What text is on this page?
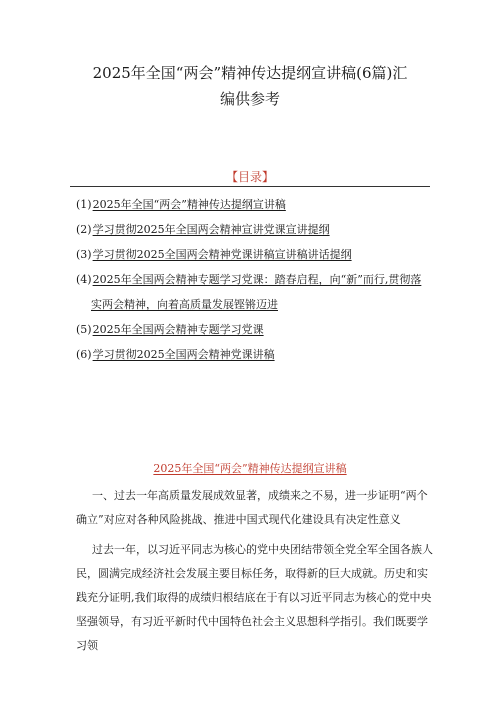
2025年全国“两会”精神传达提纲宣讲稿(6篇)汇
编供参考
【目录】
(1)2025年全国“两会”精神传达提纲宣讲稿
(2)学习贯彻2025年全国两会精神宣讲党课宣讲提纲
(3)学习贯彻2025全国两会精神党课讲稿宣讲稿讲话提纲
(4)2025年全国两会精神专题学习党课：踏春启程，向“新”而行,贯彻落
实两会精神，向着高质量发展铿锵迈进
(5)2025年全国两会精神专题学习党课
(6)学习贯彻2025全国两会精神党课讲稿
2025年全国“两会”精神传达提纲宣讲稿

一、过去一年高质量发展成效显著，成绩来之不易，进一步证明“两个确立”对应对各种风险挑战、推进中国式现代化建设具有决定性意义

过去一年，以习近平同志为核心的党中央团结带领全党全军全国各族人民，圆满完成经济社会发展主要目标任务，取得新的巨大成就。历史和实践充分证明,我们取得的成绩归根结底在于有以习近平同志为核心的党中央坚强领导，有习近平新时代中国特色社会主义思想科学指引。我们既要学习领
